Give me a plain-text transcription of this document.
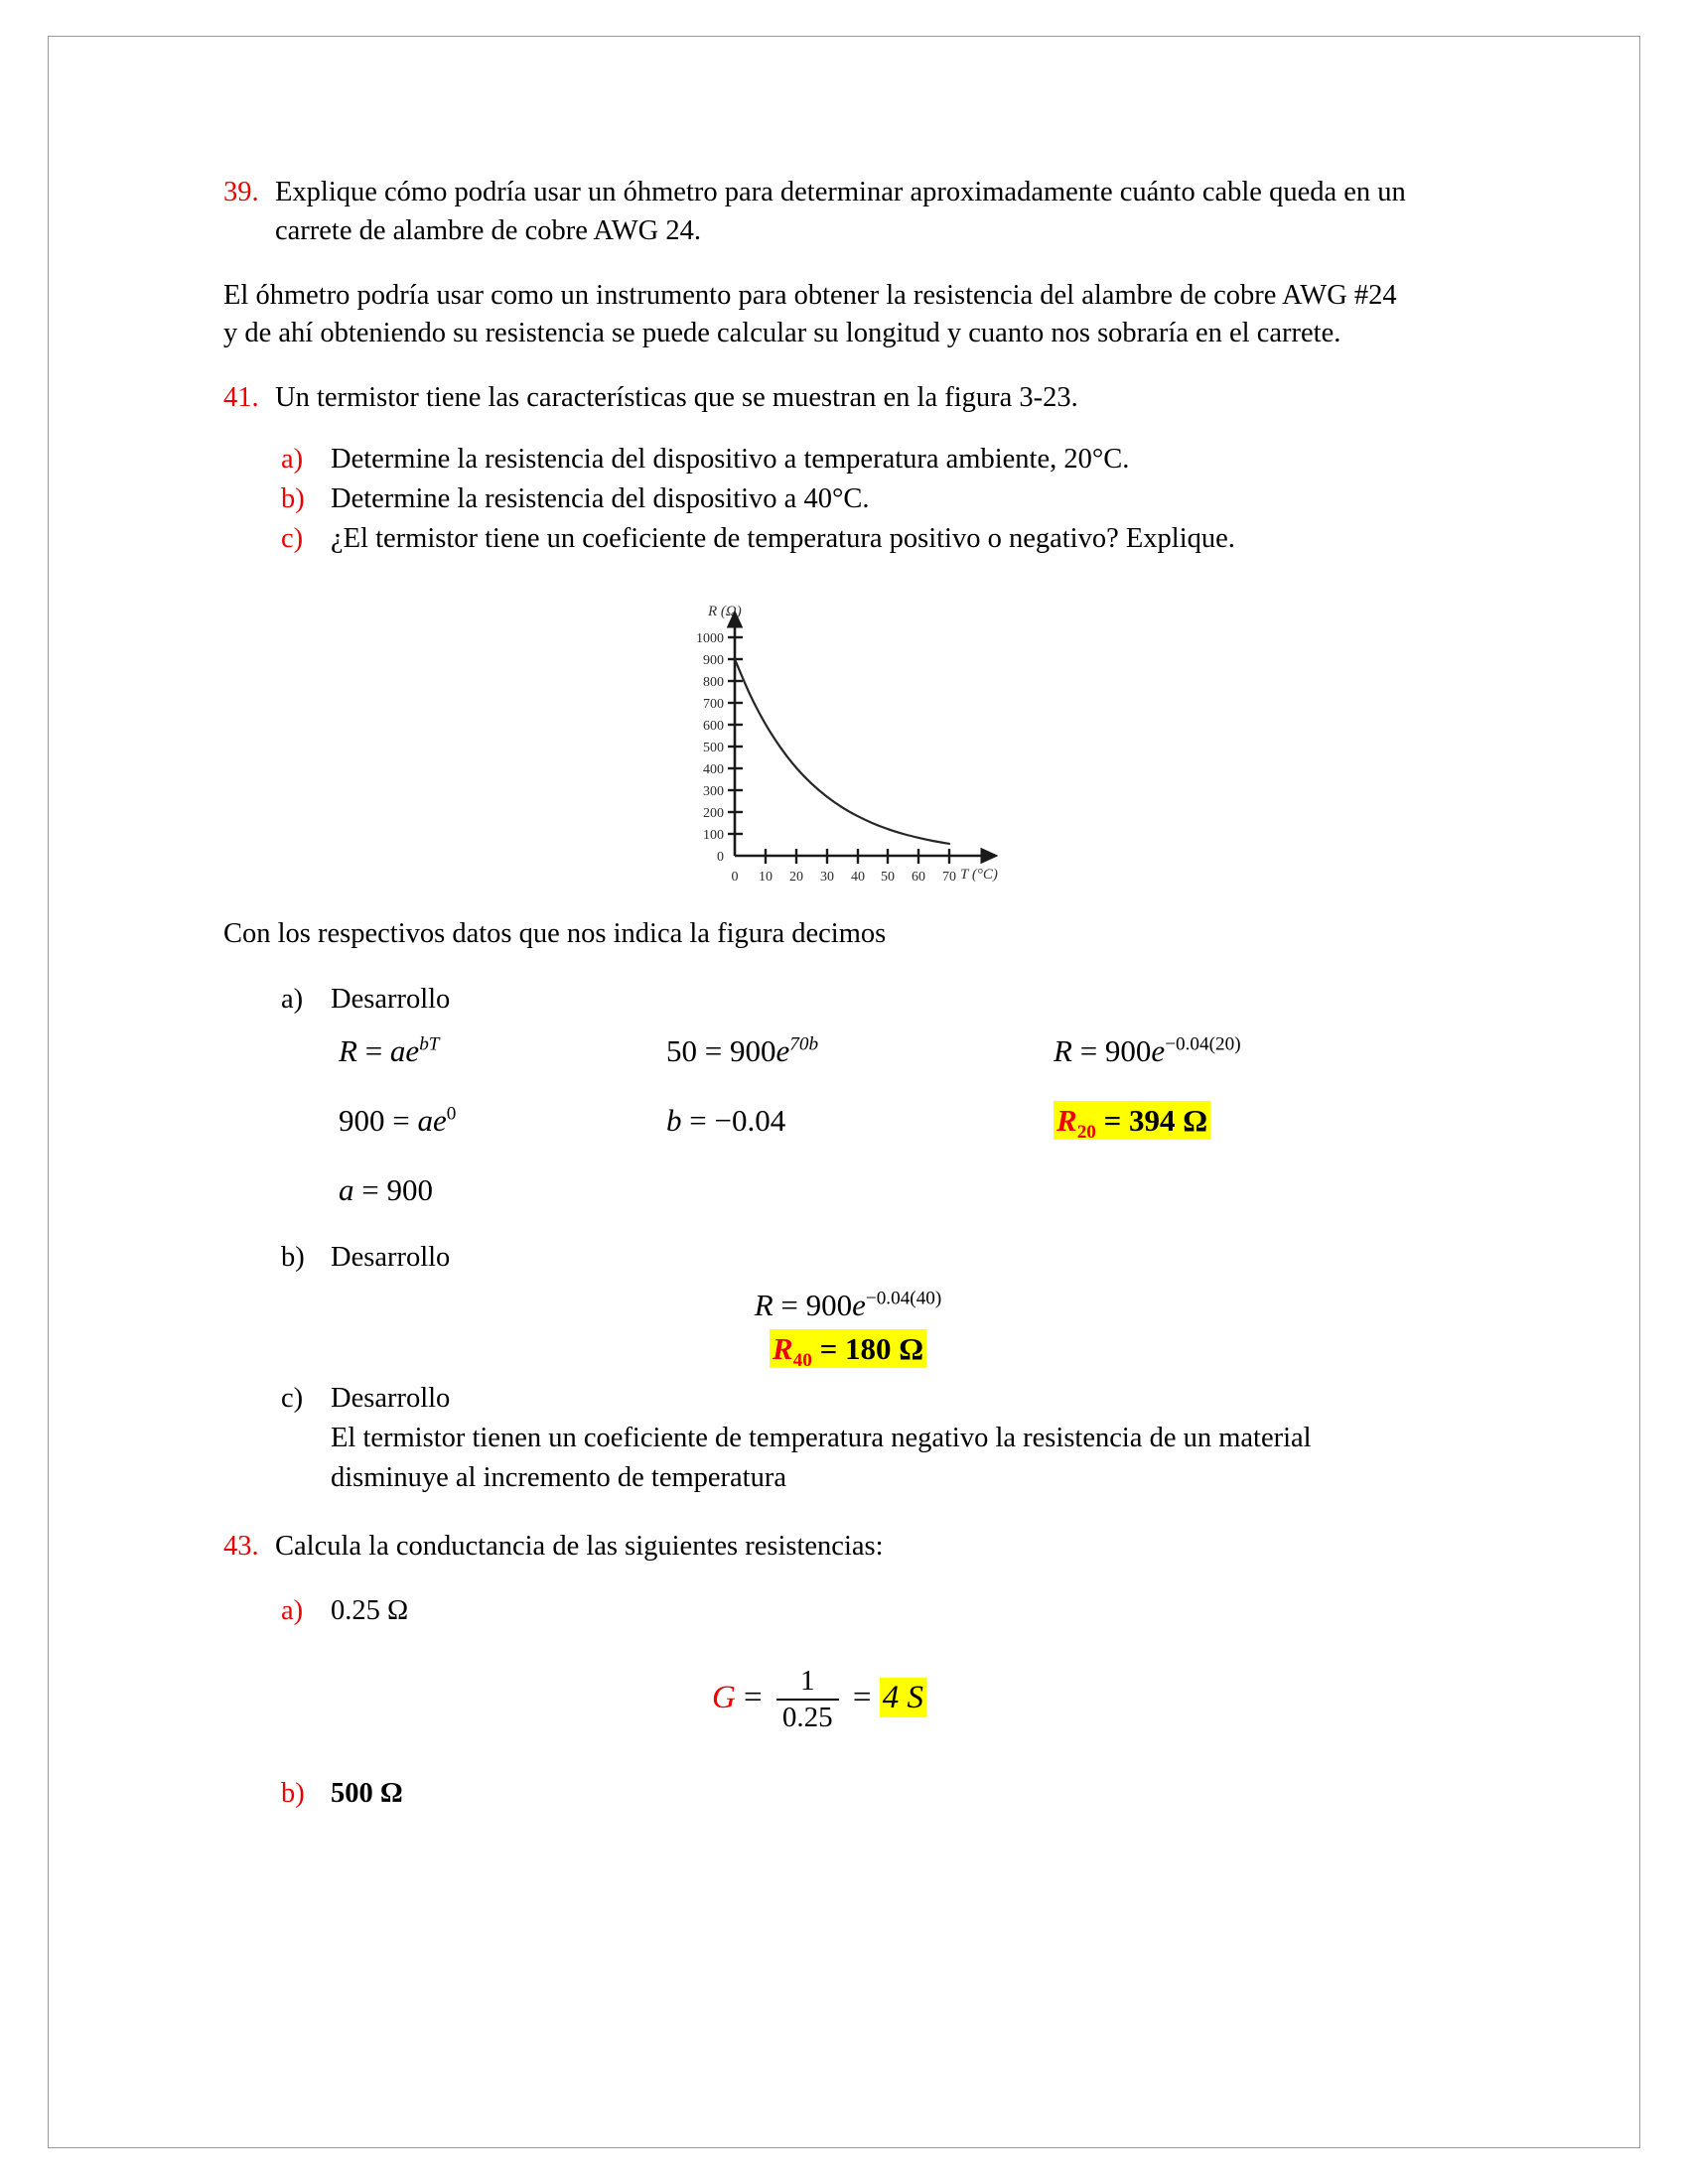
39. Explique cómo podría usar un óhmetro para determinar aproximadamente cuánto cable queda en un carrete de alambre de cobre AWG 24.

El óhmetro podría usar como un instrumento para obtener la resistencia del alambre de cobre AWG #24 y de ahí obteniendo su resistencia se puede calcular su longitud y cuanto nos sobraría en el carrete.

41. Un termistor tiene las características que se muestran en la figura 3-23.
a) Determine la resistencia del dispositivo a temperatura ambiente, 20°C.
b) Determine la resistencia del dispositivo a 40°C.
c) ¿El termistor tiene un coeficiente de temperatura positivo o negativo? Explique.
R (Ω)
1000
900
800
700
600
500
400
300
200
100
0
0 10 20 30 40 50 60 70 T (°C)

Con los respectivos datos que nos indica la figura decimos

a) Desarrollo
$R = ae^{bT}$	$50 = 900e^{70b}$	$R = 900e^{-0.04(20)}$
$900 = ae^0$	b = −0.04	$R_{20} = 394$ Ω
a = 900
b) Desarrollo
$R = 900e^{-0.04(40)}$
$R_{40} = 180$ Ω
c) Desarrollo
El termistor tienen un coeficiente de temperatura negativo la resistencia de un material disminuye al incremento de temperatura
43. Calcula la conductancia de las siguientes resistencias:
a) 0.25 Ω
$G = \frac{1}{0.25} = 4$ S
b) 500 Ω
